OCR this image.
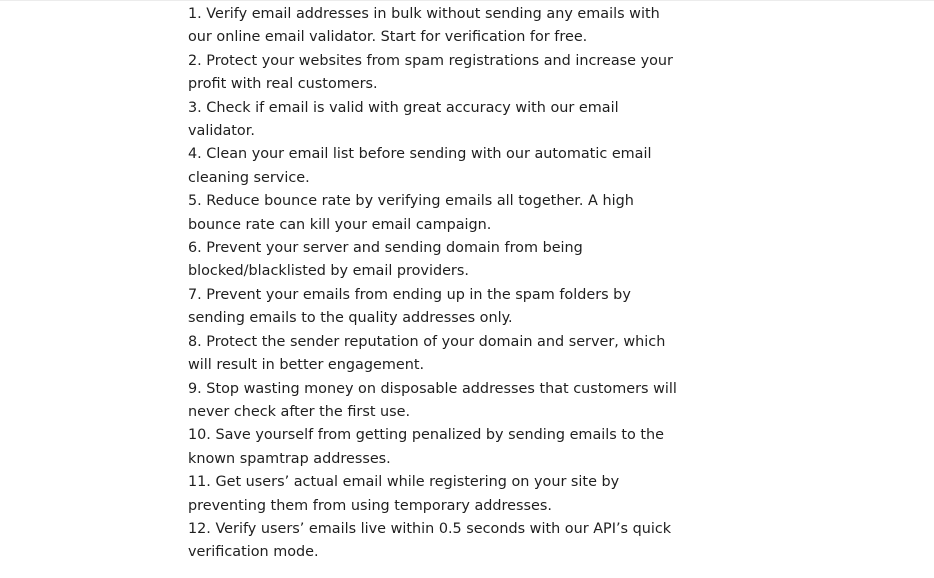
1. Verify email addresses in bulk without sending any emails with
our online email validator. Start for verification for free.
2. Protect your websites from spam registrations and increase your
profit with real customers.
3. Check if email is valid with great accuracy with our email
validator.
4. Clean your email list before sending with our automatic email
cleaning service.
5. Reduce bounce rate by verifying emails all together. A high
bounce rate can kill your email campaign.
6. Prevent your server and sending domain from being
blocked/blacklisted by email providers.
7. Prevent your emails from ending up in the spam folders by
sending emails to the quality addresses only.
8. Protect the sender reputation of your domain and server, which
will result in better engagement.
9. Stop wasting money on disposable addresses that customers will
never check after the first use.
10. Save yourself from getting penalized by sending emails to the
known spamtrap addresses.
11. Get users’ actual email while registering on your site by
preventing them from using temporary addresses.
12. Verify users’ emails live within 0.5 seconds with our API’s quick
verification mode.
